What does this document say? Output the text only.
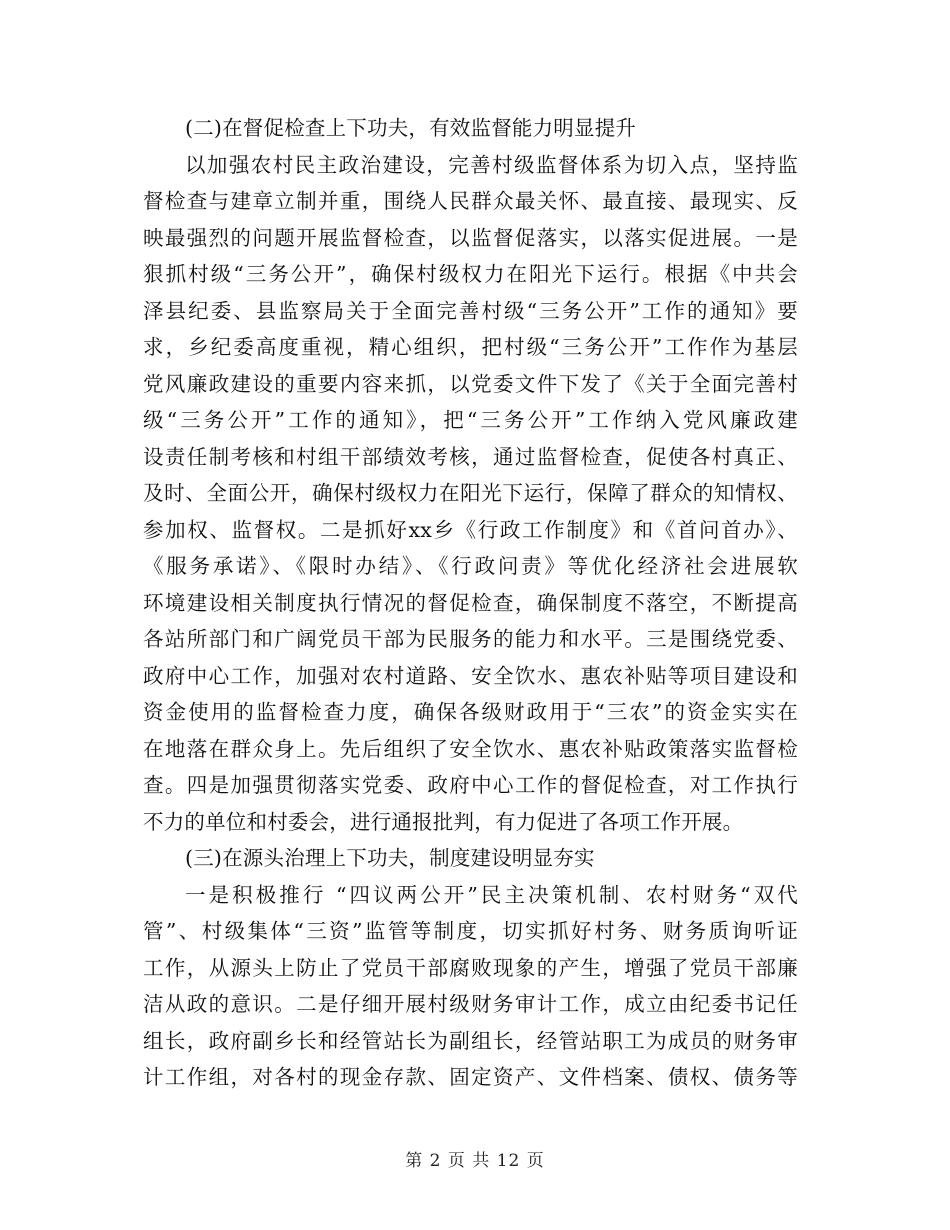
(二)在督促检查上下功夫，有效监督能力明显提升
以加强农村民主政治建设，完善村级监督体系为切入点，坚持监
督检查与建章立制并重，围绕人民群众最关怀、最直接、最现实、反
映最强烈的问题开展监督检查，以监督促落实，以落实促进展。一是
狠抓村级“三务公开”，确保村级权力在阳光下运行。根据《中共会
泽县纪委、县监察局关于全面完善村级“三务公开”工作的通知》要
求，乡纪委高度重视，精心组织，把村级“三务公开”工作作为基层
党风廉政建设的重要内容来抓，以党委文件下发了《关于全面完善村
级“三务公开”工作的通知》，把“三务公开”工作纳入党风廉政建
设责任制考核和村组干部绩效考核，通过监督检查，促使各村真正、
及时、全面公开，确保村级权力在阳光下运行，保障了群众的知情权、
参加权、监督权。二是抓好xx乡《行政工作制度》和《首问首办》、
《服务承诺》、《限时办结》、《行政问责》等优化经济社会进展软
环境建设相关制度执行情况的督促检查，确保制度不落空，不断提高
各站所部门和广阔党员干部为民服务的能力和水平。三是围绕党委、
政府中心工作，加强对农村道路、安全饮水、惠农补贴等项目建设和
资金使用的监督检查力度，确保各级财政用于“三农”的资金实实在
在地落在群众身上。先后组织了安全饮水、惠农补贴政策落实监督检
查。四是加强贯彻落实党委、政府中心工作的督促检查，对工作执行
不力的单位和村委会，进行通报批判，有力促进了各项工作开展。
(三)在源头治理上下功夫，制度建设明显夯实
一是积极推行 “四议两公开”民主决策机制、农村财务“双代
管”、村级集体“三资”监管等制度，切实抓好村务、财务质询听证
工作，从源头上防止了党员干部腐败现象的产生，增强了党员干部廉
洁从政的意识。二是仔细开展村级财务审计工作，成立由纪委书记任
组长，政府副乡长和经管站长为副组长，经管站职工为成员的财务审
计工作组，对各村的现金存款、固定资产、文件档案、债权、债务等
第 2 页 共 12 页
